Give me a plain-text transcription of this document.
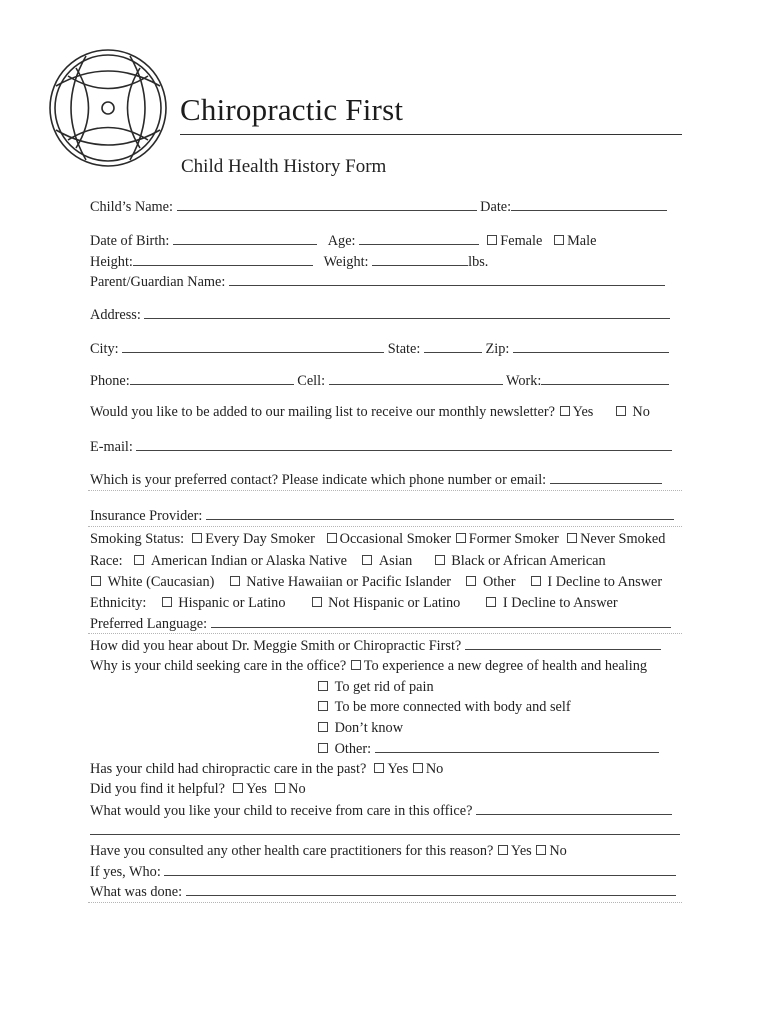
Chiropractic First
Child Health History Form
Child’s Name:	Date:
Date of Birth:	Age:	Female Male
Height:	Weight:	lbs.
Parent/Guardian Name:
Address:
City:	State:	Zip:
Phone:	Cell:	Work:
Would you like to be added to our mailing list to receive our monthly newsletter? Yes	No
E-mail:
Which is your preferred contact? Please indicate which phone number or email:
Insurance Provider:
Smoking Status: Every Day Smoker Occasional Smoker Former Smoker Never Smoked
Race: American Indian or Alaska Native Asian	Black or African American
White (Caucasian) Native Hawaiian or Pacific Islander Other I Decline to Answer
Ethnicity: Hispanic or Latino	Not Hispanic or Latino	I Decline to Answer
Preferred Language:
How did you hear about Dr. Meggie Smith or Chiropractic First?
Why is your child seeking care in the office? To experience a new degree of health and healing
To get rid of pain
To be more connected with body and self
Don’t know
Other:
Has your child had chiropractic care in the past? Yes No
Did you find it helpful? Yes No
What would you like your child to receive from care in this office?
Have you consulted any other health care practitioners for this reason? Yes No
If yes, Who:
What was done:
